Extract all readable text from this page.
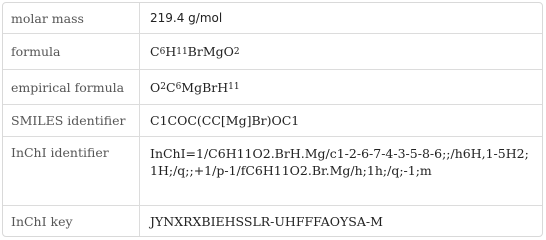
molar mass	219.4 g/mol
formula	C 6 H 11 BrMgO 2
empirical formula	O 2 C 6 MgBrH 11
SMILES identifier	C1COC(CC[Mg]Br)OC1
InChI identifier	InChI=1/C6H11O2.BrH.Mg/c1-2-6-7-4-3-5-8-6;;/h6H,1-5H2;1H;/q;;+1/p-1/fC6H11O2.Br.Mg/h;1h;/q;-1;m
InChI key	JYNXRXBIEHSSLR-UHFFFAOYSA-M
